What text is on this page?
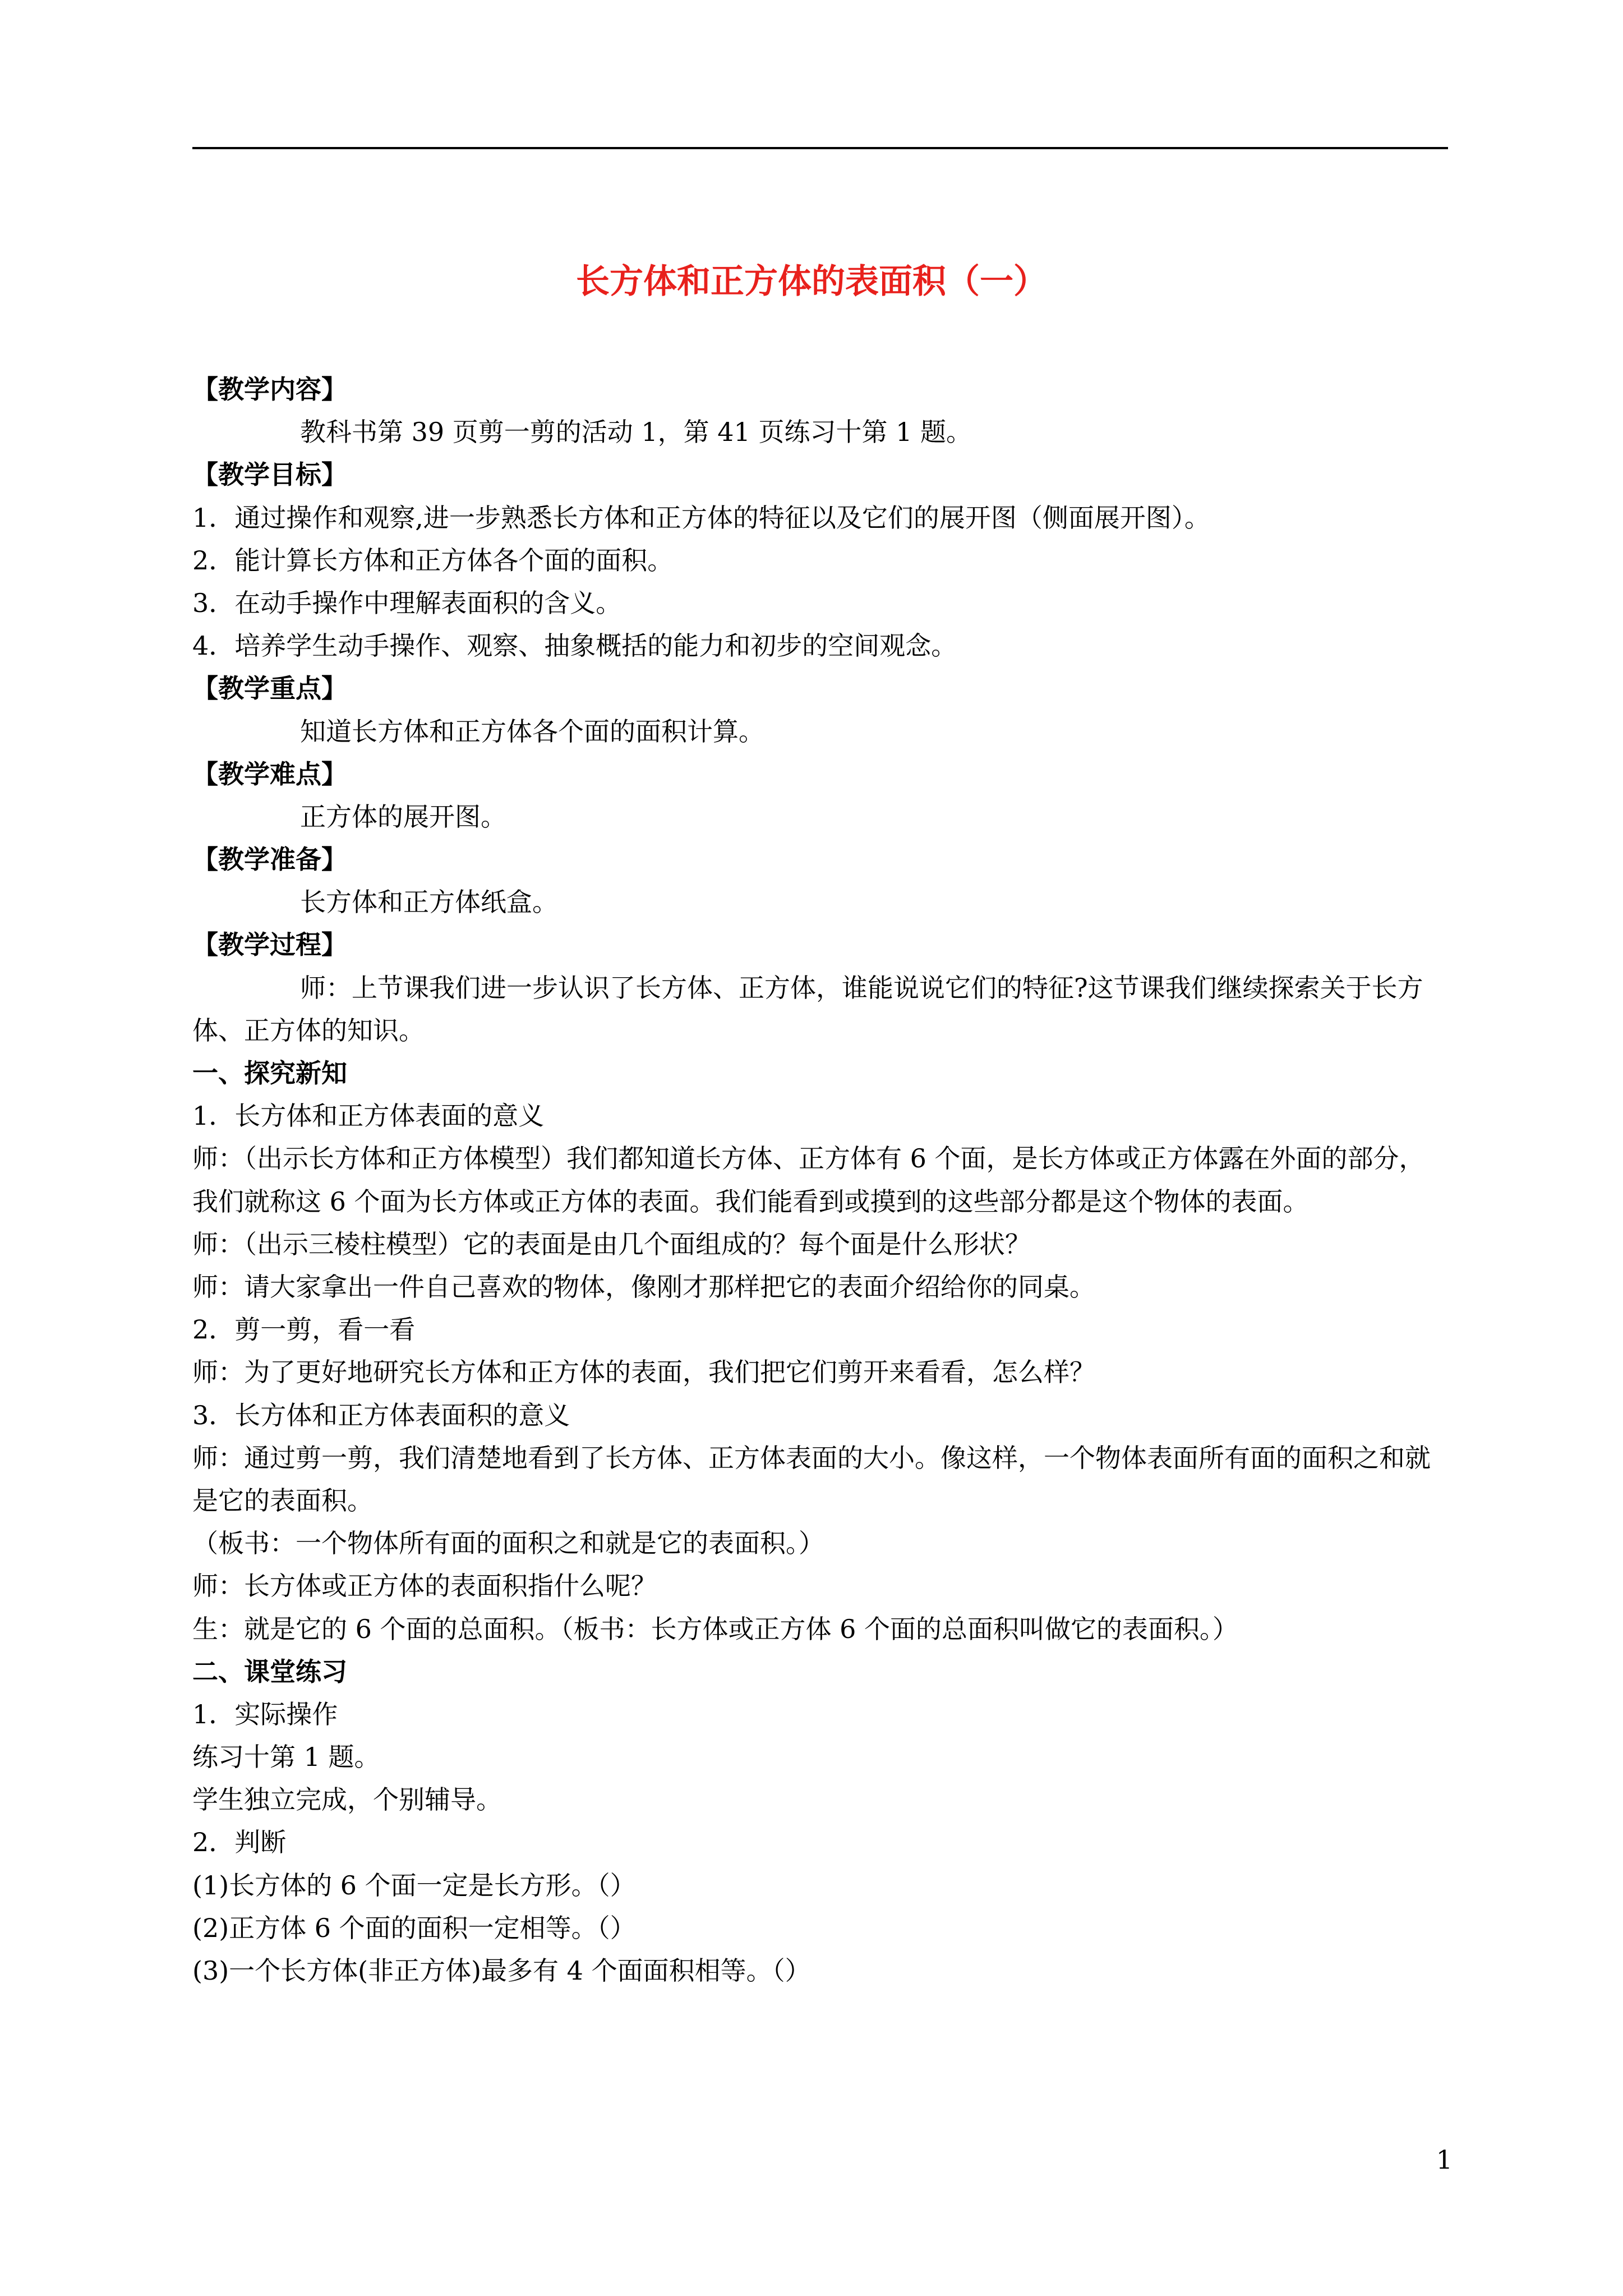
长方体和正方体的表面积（一）

【教学内容】

教科书第 39 页剪一剪的活动 1，第 41 页练习十第 1 题。

【教学目标】

1．通过操作和观察,进一步熟悉长方体和正方体的特征以及它们的展开图（侧面展开图）。

2．能计算长方体和正方体各个面的面积。

3．在动手操作中理解表面积的含义。

4．培养学生动手操作、观察、抽象概括的能力和初步的空间观念。

【教学重点】

知道长方体和正方体各个面的面积计算。

【教学难点】

正方体的展开图。

【教学准备】

长方体和正方体纸盒。

【教学过程】

师：上节课我们进一步认识了长方体、正方体，谁能说说它们的特征?这节课我们继续探索关于长方体、正方体的知识。

一、探究新知

1．长方体和正方体表面的意义

师：（出示长方体和正方体模型）我们都知道长方体、正方体有 6 个面，是长方体或正方体露在外面的部分，我们就称这 6 个面为长方体或正方体的表面。我们能看到或摸到的这些部分都是这个物体的表面。

师：（出示三棱柱模型）它的表面是由几个面组成的？每个面是什么形状？

师：请大家拿出一件自己喜欢的物体，像刚才那样把它的表面介绍给你的同桌。

2．剪一剪，看一看

师：为了更好地研究长方体和正方体的表面，我们把它们剪开来看看，怎么样？

3．长方体和正方体表面积的意义

师：通过剪一剪，我们清楚地看到了长方体、正方体表面的大小。像这样，一个物体表面所有面的面积之和就是它的表面积。

（板书：一个物体所有面的面积之和就是它的表面积。）

师：长方体或正方体的表面积指什么呢？

生：就是它的 6 个面的总面积。（板书：长方体或正方体 6 个面的总面积叫做它的表面积。）

二、课堂练习

1．实际操作

练习十第 1 题。

学生独立完成，个别辅导。

2．判断

(1)长方体的 6 个面一定是长方形。（）

(2)正方体 6 个面的面积一定相等。（）

(3)一个长方体(非正方体)最多有 4 个面面积相等。（）

1
